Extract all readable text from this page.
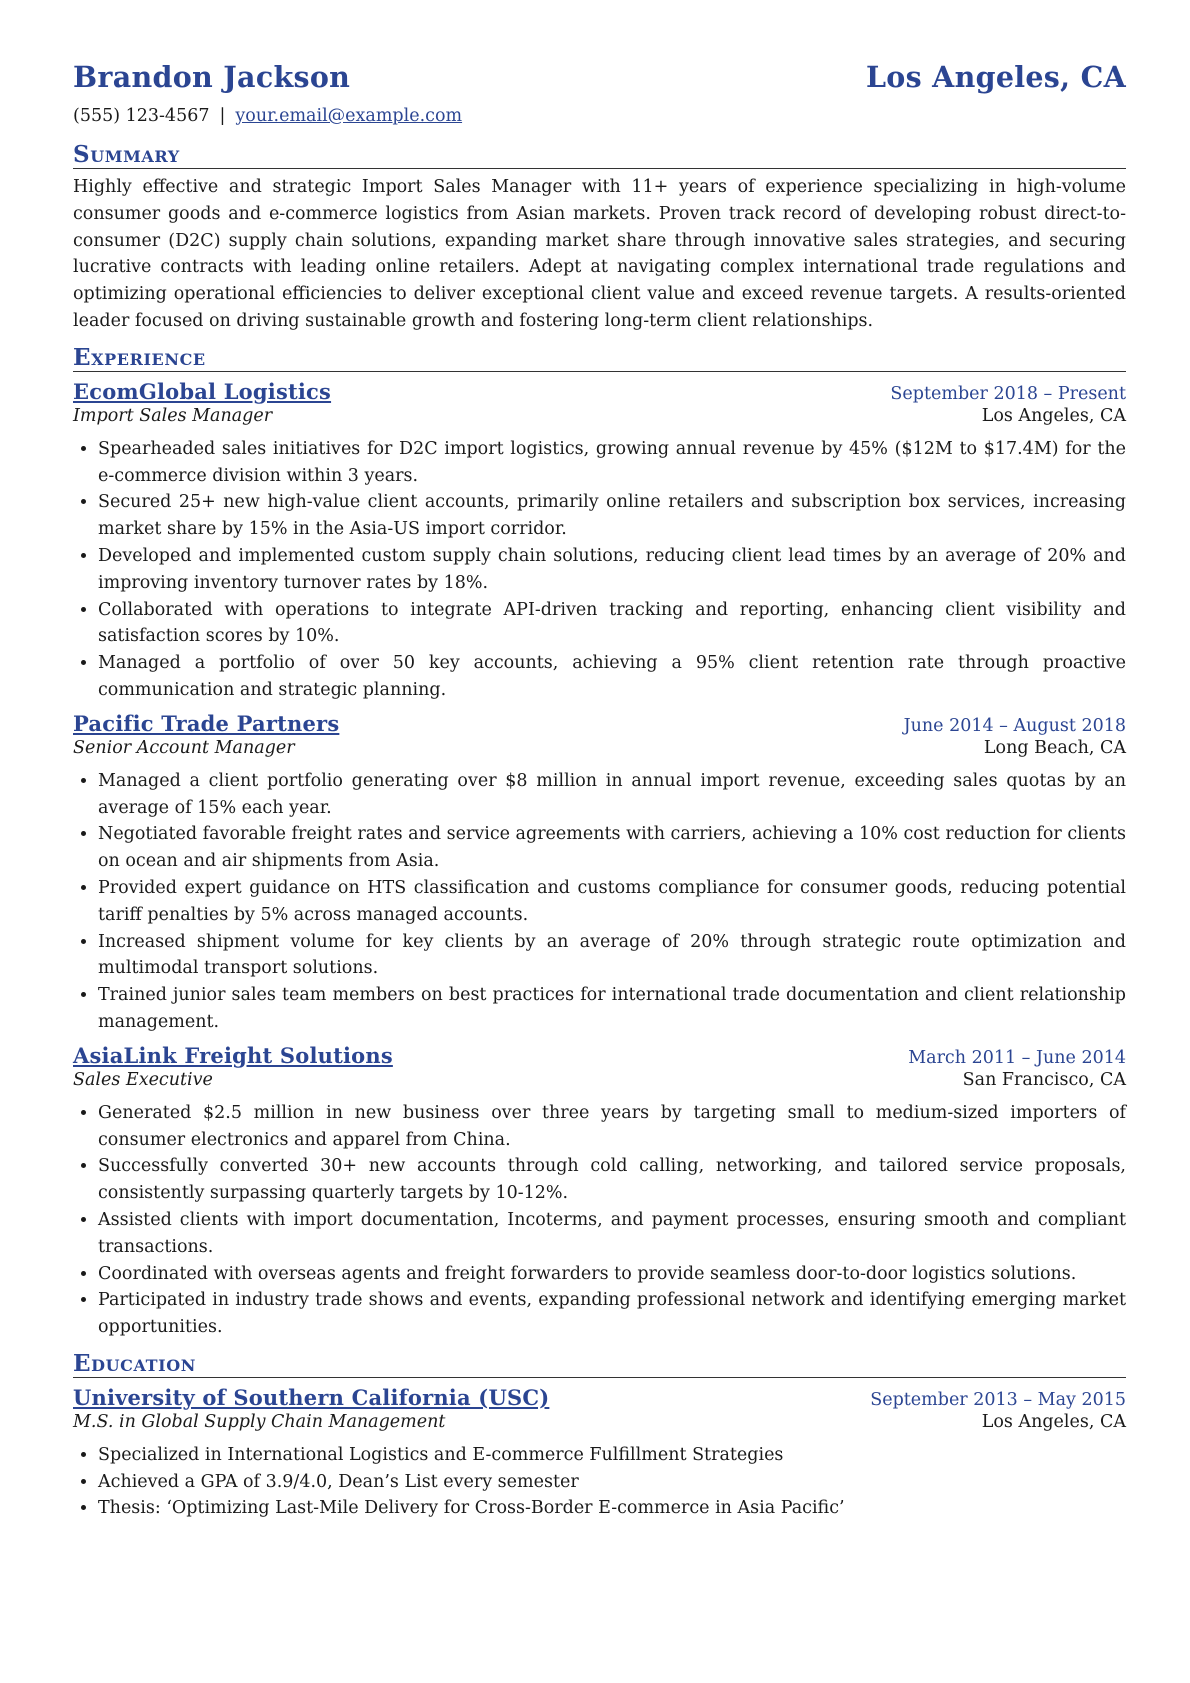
Brandon Jackson	Los Angeles, CA
(555) 123-4567 | your.email@example.com
Summary
Highly effective and strategic Import Sales Manager with 11+ years of experience specializing in high-volume consumer goods and e-commerce logistics from Asian markets. Proven track record of developing robust direct-to-consumer (D2C) supply chain solutions, expanding market share through innovative sales strategies, and securing lucrative contracts with leading online retailers. Adept at navigating complex international trade regulations and optimizing operational efficiencies to deliver exceptional client value and exceed revenue targets. A results-oriented leader focused on driving sustainable growth and fostering long-term client relationships.
Experience
EcomGlobal Logistics	September 2018 – Present
Import Sales Manager	Los Angeles, CA
• Spearheaded sales initiatives for D2C import logistics, growing annual revenue by 45% ($12M to $17.4M) for the e-commerce division within 3 years.
• Secured 25+ new high-value client accounts, primarily online retailers and subscription box services, increasing market share by 15% in the Asia-US import corridor.
• Developed and implemented custom supply chain solutions, reducing client lead times by an average of 20% and improving inventory turnover rates by 18%.
• Collaborated with operations to integrate API-driven tracking and reporting, enhancing client visibility and satisfaction scores by 10%.
• Managed a portfolio of over 50 key accounts, achieving a 95% client retention rate through proactive communication and strategic planning.
Pacific Trade Partners	June 2014 – August 2018
Senior Account Manager	Long Beach, CA
• Managed a client portfolio generating over $8 million in annual import revenue, exceeding sales quotas by an average of 15% each year.
• Negotiated favorable freight rates and service agreements with carriers, achieving a 10% cost reduction for clients on ocean and air shipments from Asia.
• Provided expert guidance on HTS classification and customs compliance for consumer goods, reducing potential tariff penalties by 5% across managed accounts.
• Increased shipment volume for key clients by an average of 20% through strategic route optimization and multimodal transport solutions.
• Trained junior sales team members on best practices for international trade documentation and client relationship management.
AsiaLink Freight Solutions	March 2011 – June 2014
Sales Executive	San Francisco, CA
• Generated $2.5 million in new business over three years by targeting small to medium-sized importers of consumer electronics and apparel from China.
• Successfully converted 30+ new accounts through cold calling, networking, and tailored service proposals, consistently surpassing quarterly targets by 10-12%.
• Assisted clients with import documentation, Incoterms, and payment processes, ensuring smooth and compliant transactions.
• Coordinated with overseas agents and freight forwarders to provide seamless door-to-door logistics solutions.
• Participated in industry trade shows and events, expanding professional network and identifying emerging market opportunities.
Education
University of Southern California (USC)	September 2013 – May 2015
M.S. in Global Supply Chain Management	Los Angeles, CA
• Specialized in International Logistics and E-commerce Fulfillment Strategies
• Achieved a GPA of 3.9/4.0, Dean’s List every semester
• Thesis: ‘Optimizing Last-Mile Delivery for Cross-Border E-commerce in Asia Pacific’
